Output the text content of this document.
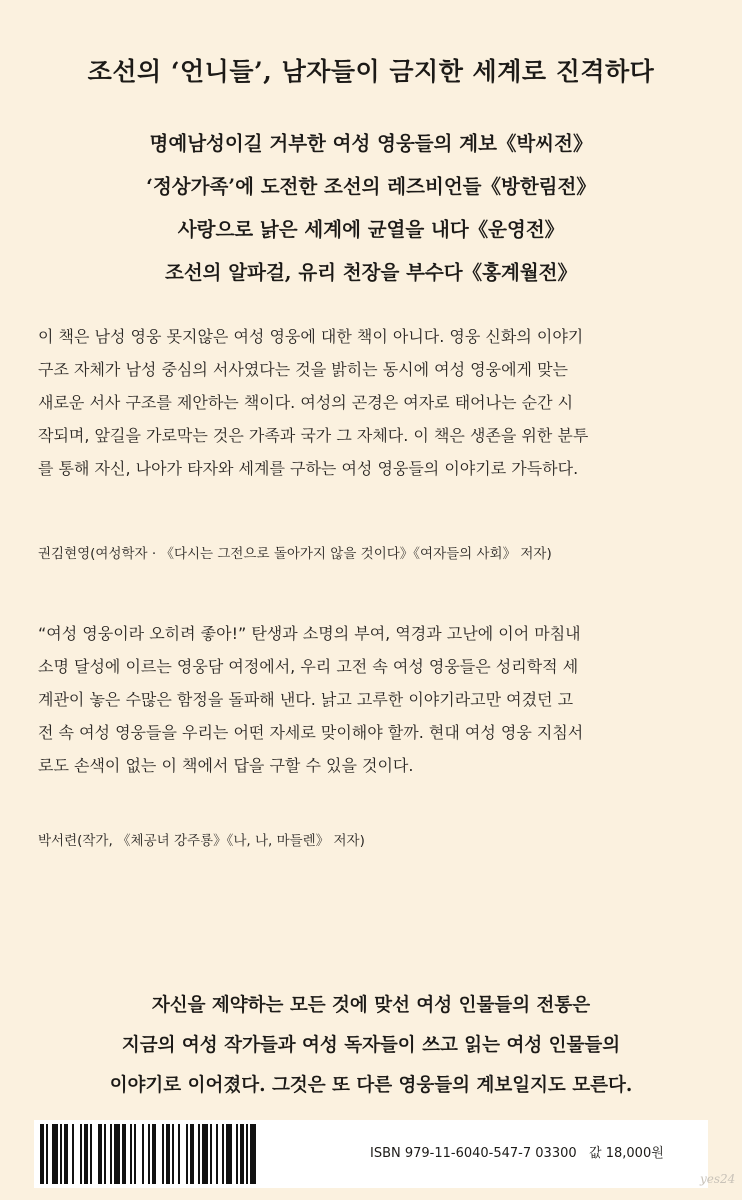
조선의 ‘언니들’, 남자들이 금지한 세계로 진격하다
명예남성이길 거부한 여성 영웅들의 계보《박씨전》
‘정상가족’에 도전한 조선의 레즈비언들《방한림전》
사랑으로 낡은 세계에 균열을 내다《운영전》
조선의 알파걸, 유리 천장을 부수다《홍계월전》
이 책은 남성 영웅 못지않은 여성 영웅에 대한 책이 아니다. 영웅 신화의 이야기
구조 자체가 남성 중심의 서사였다는 것을 밝히는 동시에 여성 영웅에게 맞는
새로운 서사 구조를 제안하는 책이다. 여성의 곤경은 여자로 태어나는 순간 시
작되며, 앞길을 가로막는 것은 가족과 국가 그 자체다. 이 책은 생존을 위한 분투
를 통해 자신, 나아가 타자와 세계를 구하는 여성 영웅들의 이야기로 가득하다.
권김현영(여성학자 · 《다시는 그전으로 돌아가지 않을 것이다》《여자들의 사회》 저자)
“여성 영웅이라 오히려 좋아!” 탄생과 소명의 부여, 역경과 고난에 이어 마침내
소명 달성에 이르는 영웅담 여정에서, 우리 고전 속 여성 영웅들은 성리학적 세
계관이 놓은 수많은 함정을 돌파해 낸다. 낡고 고루한 이야기라고만 여겼던 고
전 속 여성 영웅들을 우리는 어떤 자세로 맞이해야 할까. 현대 여성 영웅 지침서
로도 손색이 없는 이 책에서 답을 구할 수 있을 것이다.
박서련(작가, 《체공녀 강주룡》《나, 나, 마들렌》 저자)
자신을 제약하는 모든 것에 맞선 여성 인물들의 전통은
지금의 여성 작가들과 여성 독자들이 쓰고 읽는 여성 인물들의
이야기로 이어졌다. 그것은 또 다른 영웅들의 계보일지도 모른다.
ISBN 979-11-6040-547-7 03300 값 18,000원
yes24
